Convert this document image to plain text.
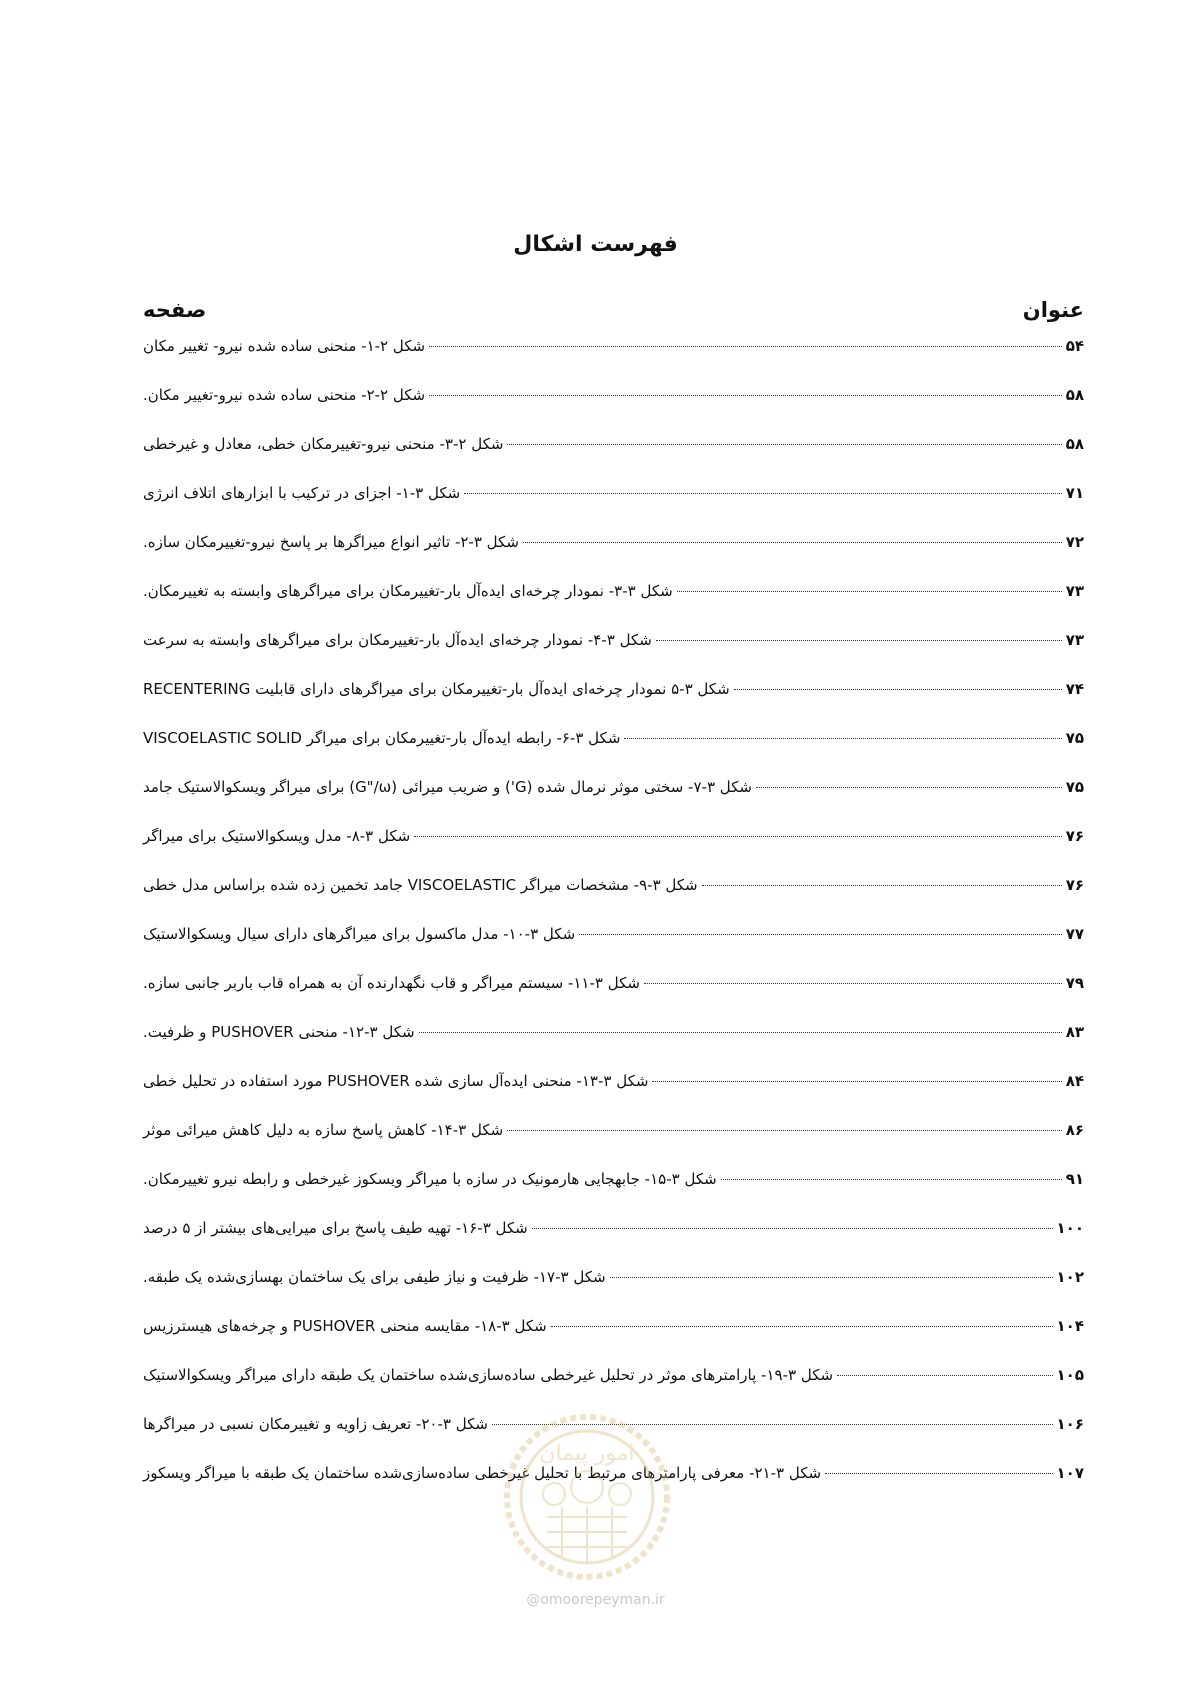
فهرست اشکال
عنوان
صفحه
شکل ۲-۱- منحنی ساده شده نیرو- تغییر مکان	۵۴
شکل ۲-۲- منحنی ساده شده نیرو-تغییر مکان.	۵۸
شکل ۲-۳- منحنی نیرو-تغییرمکان خطی، معادل و غیرخطی	۵۸
شکل ۳-۱- اجزای در ترکیب با ابزارهای اتلاف انرژی	۷۱
شکل ۳-۲- تاثیر انواع میراگرها بر پاسخ نیرو-تغییرمکان سازه.	۷۲
شکل ۳-۳- نمودار چرخه‌ای ایده‌آل بار-تغییرمکان برای میراگرهای وابسته به تغییرمکان.	۷۳
شکل ۳-۴- نمودار چرخه‌ای ایده‌آل بار-تغییرمکان برای میراگرهای وابسته به سرعت	۷۳
شکل ۳-۵ نمودار چرخه‌ای ایده‌آل بار-تغییرمکان برای میراگرهای دارای قابلیت RECENTERING	۷۴
شکل ۳-۶- رابطه ایده‌آل بار-تغییرمکان برای میراگر VISCOELASTIC SOLID	۷۵
شکل ۳-۷- سختی موثر نرمال شده (G') و ضریب میرائی (G"/ω) برای میراگر ویسکوالاستیک جامد	۷۵
شکل ۳-۸- مدل ویسکوالاستیک برای میراگر	۷۶
شکل ۳-۹- مشخصات میراگر VISCOELASTIC جامد تخمین زده شده براساس مدل خطی	۷۶
شکل ۳-۱۰- مدل ماکسول برای میراگرهای دارای سیال ویسکوالاستیک	۷۷
شکل ۳-۱۱- سیستم میراگر و قاب نگهدارنده آن به همراه قاب باربر جانبی سازه.	۷۹
شکل ۳-۱۲- منحنی PUSHOVER و ظرفیت.	۸۳
شکل ۳-۱۳- منحنی ایده‌آل سازی شده PUSHOVER مورد استفاده در تحلیل خطی	۸۴
شکل ۳-۱۴- کاهش پاسخ سازه به دلیل کاهش میرائی موثر	۸۶
شکل ۳-۱۵- جابهجایی هارمونیک در سازه با میراگر ویسکوز غیرخطی و رابطه نیرو تغییرمکان.	۹۱
شکل ۳-۱۶- تهیه طیف پاسخ برای میرایی‌های بیشتر از ۵ درصد	۱۰۰
شکل ۳-۱۷- ظرفیت و نیاز طیفی برای یک ساختمان بهسازی‌شده یک طبقه.	۱۰۲
شکل ۳-۱۸- مقایسه منحنی PUSHOVER و چرخه‌های هیسترزیس	۱۰۴
شکل ۳-۱۹- پارامترهای موثر در تحلیل غیرخطی ساده‌سازی‌شده ساختمان یک طبقه دارای میراگر ویسکوالاستیک	۱۰۵
شکل ۳-۲۰- تعریف زاویه و تغییرمکان نسبی در میراگرها	۱۰۶
شکل ۳-۲۱- معرفی پارامترهای مرتبط با تحلیل غیرخطی ساده‌سازی‌شده ساختمان یک طبقه با میراگر ویسکوز	۱۰۷
امور پیمان
@omoorepeyman.ir
